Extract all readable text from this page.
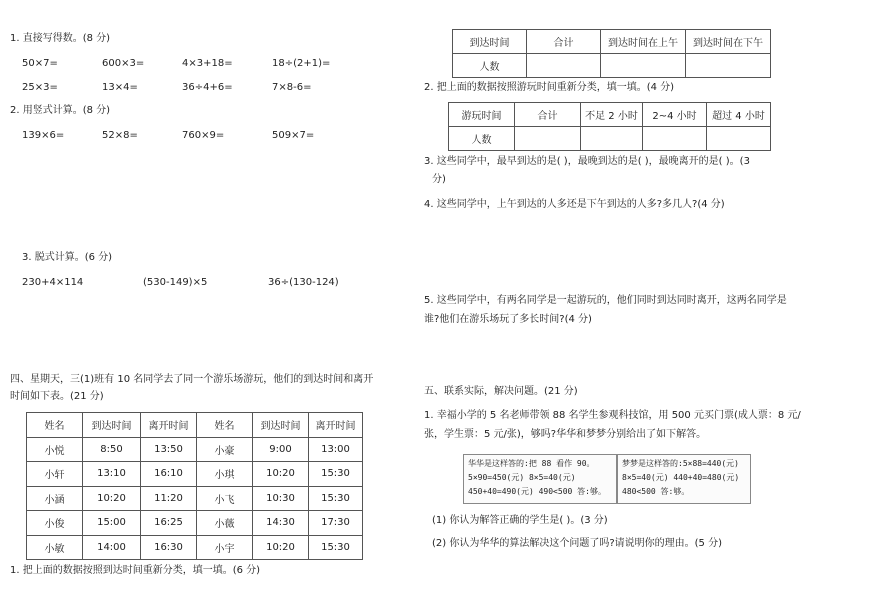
1. 直接写得数。(8 分)
50×7=	600×3=	4×3+18=	18÷(2+1)=
25×3=	13×4=	36÷4+6=	7×8-6=
2. 用竖式计算。(8 分)
139×6=	52×8=	760×9=	509×7=
3. 脱式计算。(6 分)
230+4×114	(530-149)×5	36÷(130-124)
四、星期天，三(1)班有 10 名同学去了同一个游乐场游玩，他们的到达时间和离开
时间如下表。(21 分)
姓名	到达时间	离开时间	姓名	到达时间	离开时间
小悦	8:50	13:50	小豪	9:00	13:00
小轩	13:10	16:10	小琪	10:20	15:30
小涵	10:20	11:20	小飞	10:30	15:30
小俊	15:00	16:25	小薇	14:30	17:30
小敏	14:00	16:30	小宇	10:20	15:30
1. 把上面的数据按照到达时间重新分类，填一填。(6 分)
到达时间	合计	到达时间在上午	到达时间在下午
人数			
2. 把上面的数据按照游玩时间重新分类，填一填。(4 分)
游玩时间	合计	不足 2 小时	2~4 小时	超过 4 小时
人数				
3. 这些同学中，最早到达的是( )，最晚到达的是( )，最晚离开的是( )。(3
分)
4. 这些同学中，上午到达的人多还是下午到达的人多?多几人?(4 分)
5. 这些同学中，有两名同学是一起游玩的，他们同时到达同时离开，这两名同学是
谁?他们在游乐场玩了多长时间?(4 分)
五、联系实际，解决问题。(21 分)
1. 幸福小学的 5 名老师带领 88 名学生参观科技馆，用 500 元买门票(成人票：8 元/
张，学生票：5 元/张)，够吗?华华和梦梦分别给出了如下解答。
华华是这样答的:把 88 看作 90。
5×90=450(元) 8×5=40(元)
450+40=490(元) 490<500 答:够。
梦梦是这样答的:5×88=440(元)
8×5=40(元) 440+40=480(元)
480<500 答:够。
(1) 你认为解答正确的学生是( )。(3 分)
(2) 你认为华华的算法解决这个问题了吗?请说明你的理由。(5 分)
